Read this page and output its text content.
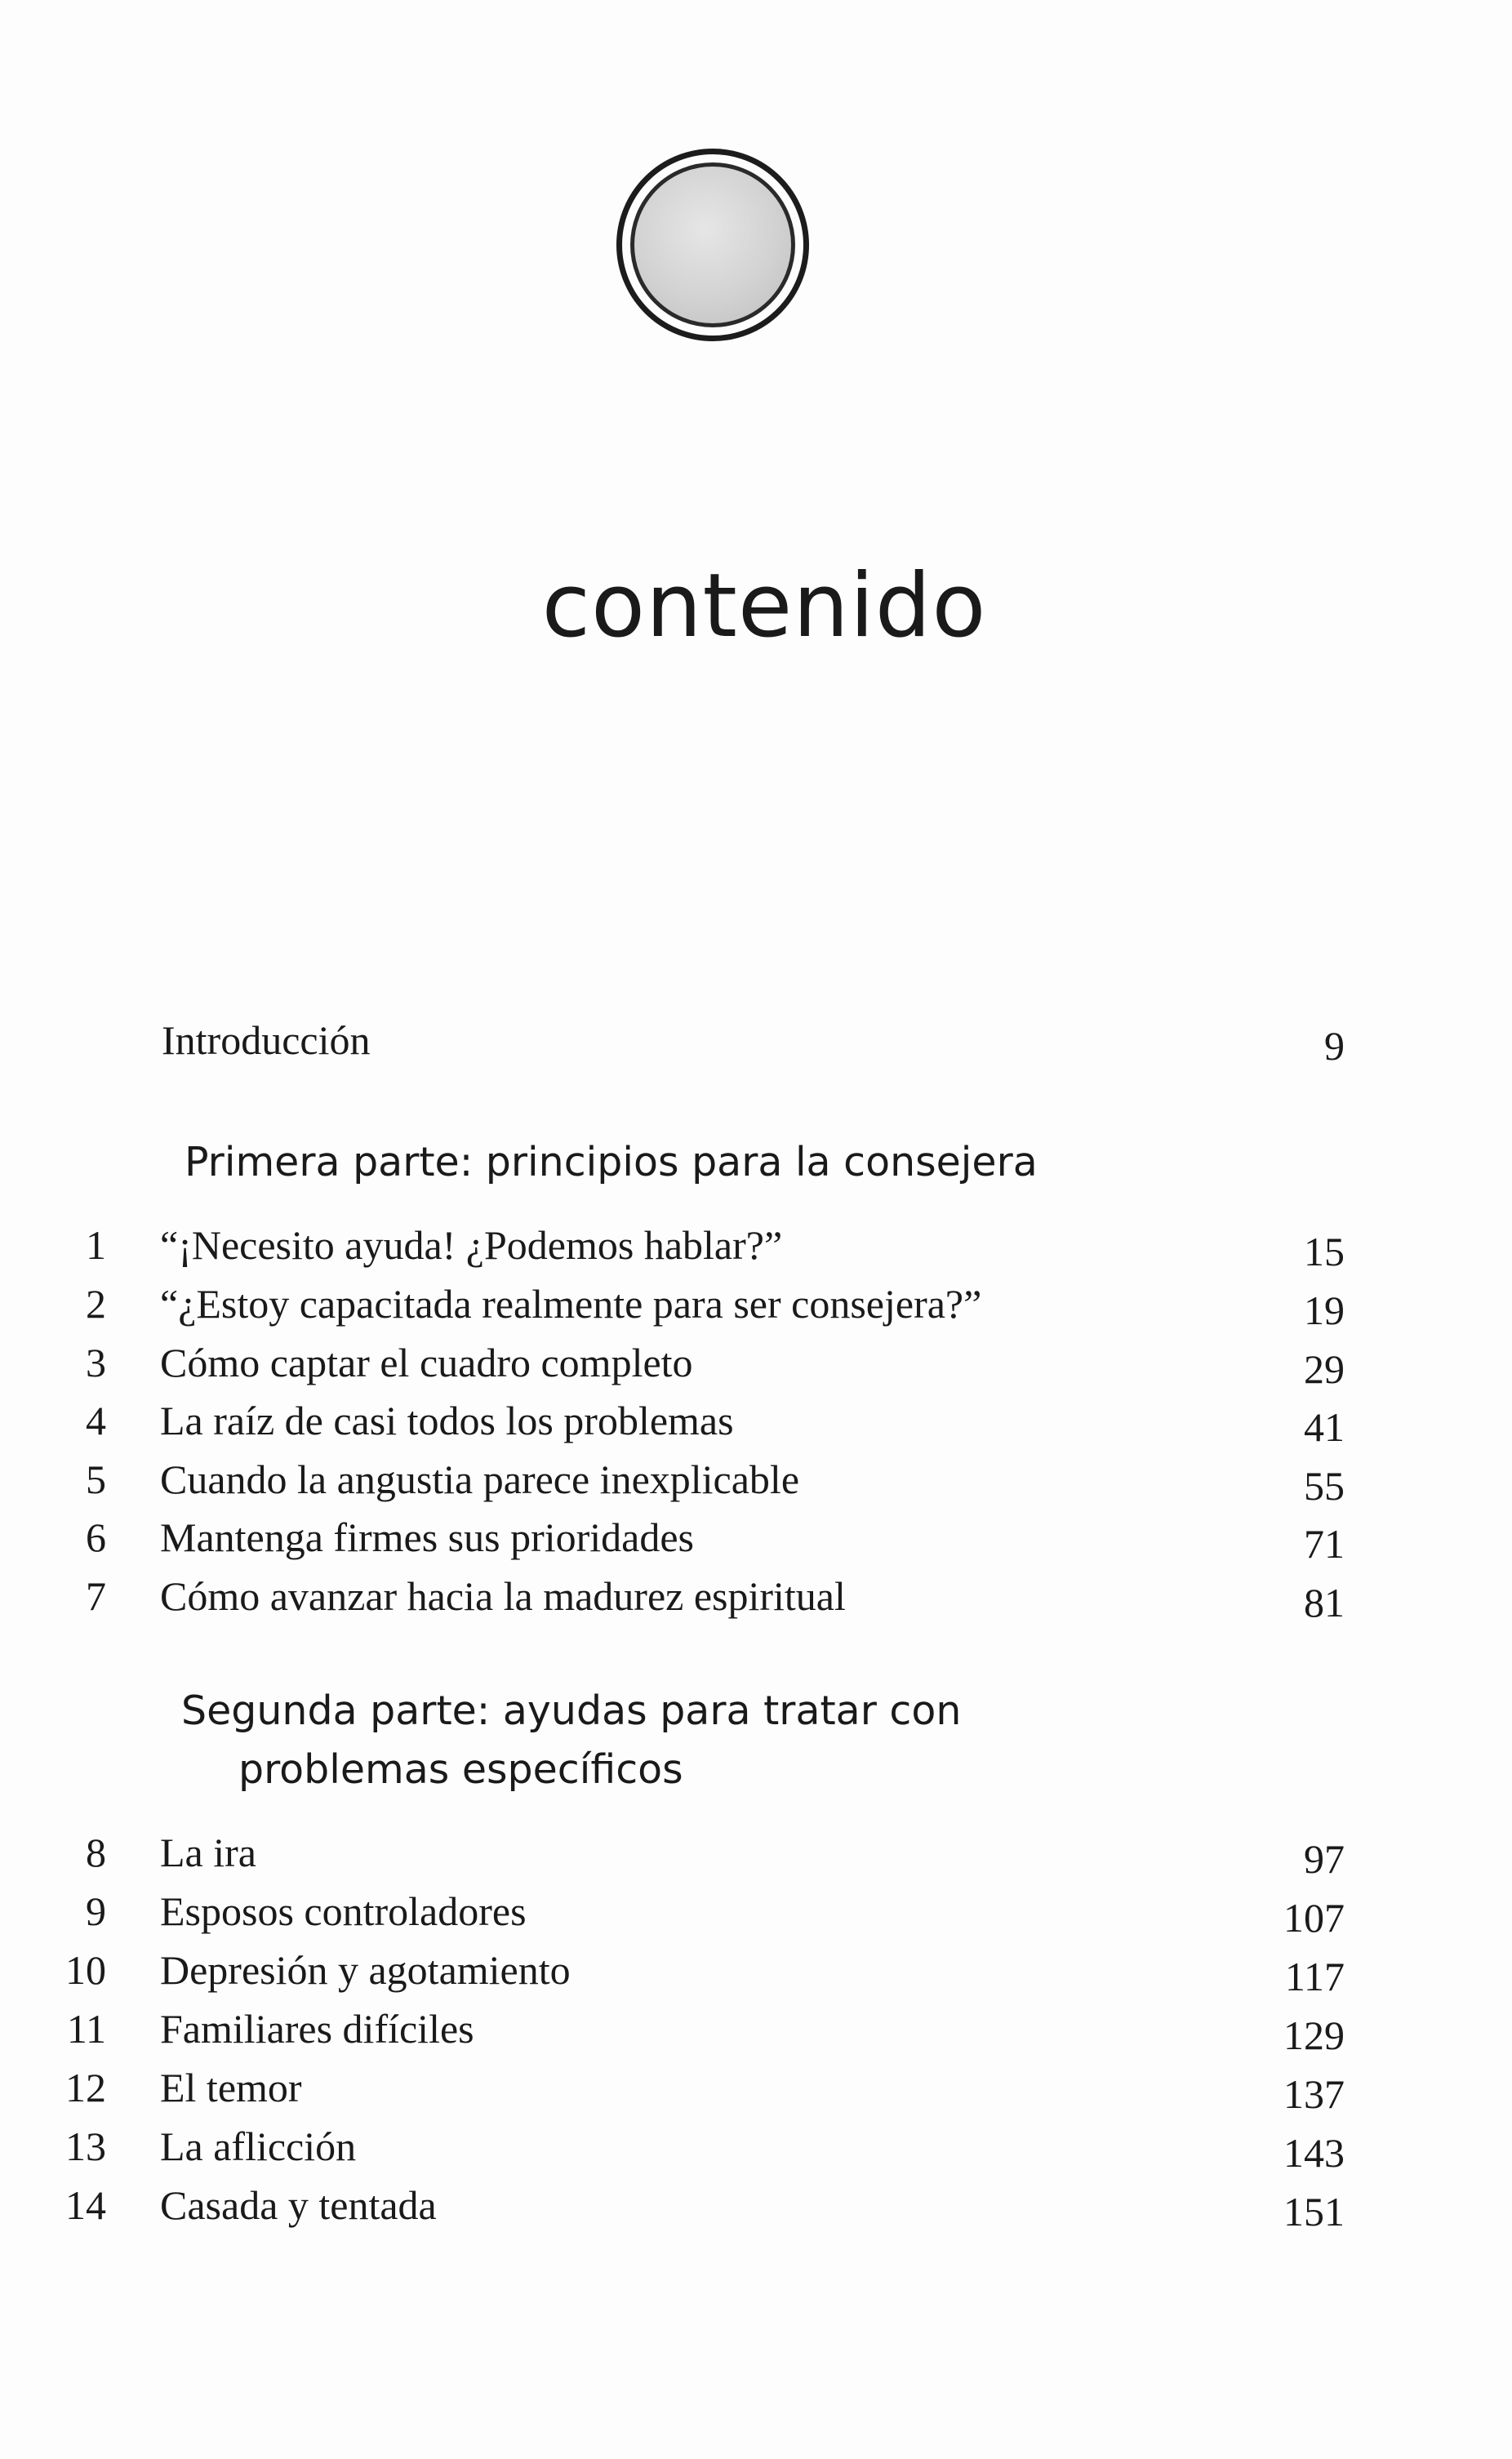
contenido
Introducción	9
Primera parte: principios para la consejera
1 “¡Necesito ayuda! ¿Podemos hablar?”	15
2 “¿Estoy capacitada realmente para ser consejera?”	19
3 Cómo captar el cuadro completo	29
4 La raíz de casi todos los problemas	41
5 Cuando la angustia parece inexplicable	55
6 Mantenga firmes sus prioridades	71
7 Cómo avanzar hacia la madurez espiritual	81
Segunda parte: ayudas para tratar con
problemas específicos
8 La ira	97
9 Esposos controladores	107
10 Depresión y agotamiento	117
11 Familiares difíciles	129
12 El temor	137
13 La aflicción	143
14 Casada y tentada	151
